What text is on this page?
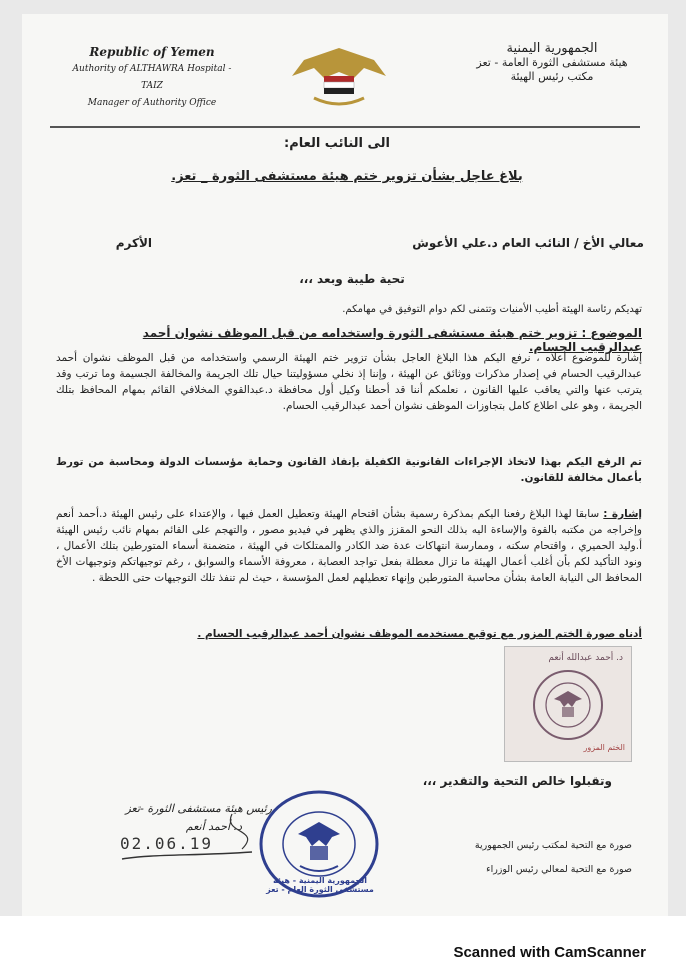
Republic of Yemen
Authority of ALTHAWRA Hospital - TAIZ
Manager of Authority Office
الجمهورية اليمنية
هيئة مستشفى الثورة العامة - تعز
مكتب رئيس الهيئة
الى النائب العام:
بلاغ عاجل بشأن تزوير ختم هيئة مستشفى الثورة _ تعز.
معالي الأخ / النائب العام د.علي الأعوش
الأكرم
تحية طيبة وبعد ،،،
تهديكم رئاسة الهيئة أطيب الأمنيات وتتمنى لكم دوام التوفيق في مهامكم.
الموضوع : تزوير ختم هيئة مستشفى الثورة واستخدامه من قبل الموظف نشوان أحمد عبدالرقيب الحسام.
إشارة للموضوع أعلاه ، نرفع اليكم هذا البلاغ العاجل بشأن تزوير ختم الهيئة الرسمي واستخدامه من قبل الموظف نشوان أحمد عبدالرقيب الحسام في إصدار مذكرات ووثائق عن الهيئة ، وإننا إذ نخلي مسؤوليتنا حيال تلك الجريمة والمخالفة الجسيمة وما ترتب وقد يترتب عنها والتي يعاقب عليها القانون ، نعلمكم أننا قد أحطنا وكيل أول محافظة د.عبدالقوي المخلافي القائم بمهام المحافظ بتلك الجريمة ، وهو على اطلاع كامل بتجاوزات الموظف نشوان أحمد عبدالرقيب الحسام.
تم الرفع اليكم بهذا لاتخاذ الإجراءات القانونية الكفيلة بإنفاذ القانون وحماية مؤسسات الدولة ومحاسبة من تورط بأعمال مخالفة للقانون.
إشارة : سابقا لهذا البلاغ رفعنا اليكم بمذكرة رسمية بشأن اقتحام الهيئة وتعطيل العمل فيها ، والإعتداء على رئيس الهيئة د.أحمد أنعم وإخراجه من مكتبه بالقوة والإساءة اليه بذلك النحو المقزز والذي يظهر في فيديو مصور ، والتهجم على القائم بمهام نائب رئيس الهيئة أ.وليد الحميري ، واقتحام سكنه ، وممارسة انتهاكات عدة ضد الكادر والممتلكات في الهيئة ، متضمنة أسماء المتورطين بتلك الأعمال ، ونود التأكيد لكم بأن أغلب أعمال الهيئة ما تزال معطلة بفعل تواجد العصابة ، معروفة الأسماء والسوابق ، رغم توجيهاتكم وتوجيهات الأخ المحافظ الى النيابة العامة بشأن محاسبة المتورطين وإنهاء تعطيلهم لعمل المؤسسة ، حيث لم تنفذ تلك التوجيهات حتى اللحظة .
أدناه صورة الختم المزور مع توقيع مستخدمه الموظف نشوان أحمد عبدالرقيب الحسام .
د. أحمد عبدالله أنعم
الختم المزور
وتقبلوا خالص التحية والتقدير ،،،
رئيس هيئة مستشفى الثورة -تعز
د. أحمد أنعم
02.06.19
الجمهورية اليمنية - هيئة مستشفى الثورة العام - تعز
صورة مع التحية لمكتب رئيس الجمهورية
صورة مع التحية لمعالي رئيس الوزراء
Scanned with CamScanner
